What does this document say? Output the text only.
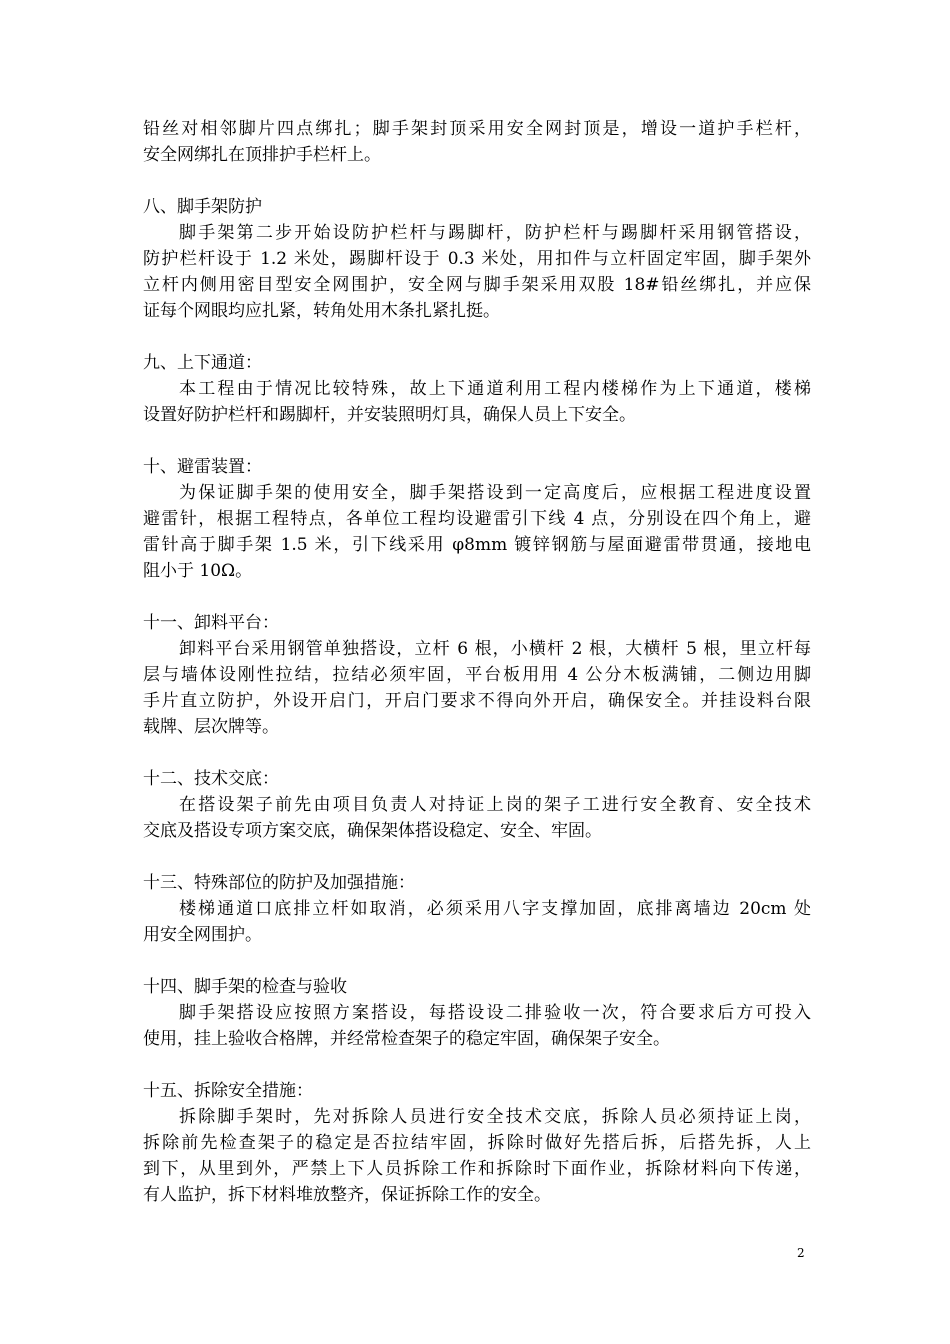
铅丝对相邻脚片四点绑扎；脚手架封顶采用安全网封顶是，增设一道护手栏杆，
安全网绑扎在顶排护手栏杆上。
八、脚手架防护
脚手架第二步开始设防护栏杆与踢脚杆，防护栏杆与踢脚杆采用钢管搭设，
防护栏杆设于 1.2 米处，踢脚杆设于 0.3 米处，用扣件与立杆固定牢固，脚手架外
立杆内侧用密目型安全网围护，安全网与脚手架采用双股 18#铅丝绑扎，并应保
证每个网眼均应扎紧，转角处用木条扎紧扎挺。
九、上下通道：
本工程由于情况比较特殊，故上下通道利用工程内楼梯作为上下通道，楼梯
设置好防护栏杆和踢脚杆，并安装照明灯具，确保人员上下安全。
十、避雷装置：
为保证脚手架的使用安全，脚手架搭设到一定高度后，应根据工程进度设置
避雷针，根据工程特点，各单位工程均设避雷引下线 4 点，分别设在四个角上，避
雷针高于脚手架 1.5 米，引下线采用 φ8mm 镀锌钢筋与屋面避雷带贯通，接地电
阻小于 10Ω。
十一、卸料平台：
卸料平台采用钢管单独搭设，立杆 6 根，小横杆 2 根，大横杆 5 根，里立杆每
层与墙体设刚性拉结，拉结必须牢固，平台板用用 4 公分木板满铺，二侧边用脚
手片直立防护，外设开启门，开启门要求不得向外开启，确保安全。并挂设料台限
载牌、层次牌等。
十二、技术交底：
在搭设架子前先由项目负责人对持证上岗的架子工进行安全教育、安全技术
交底及搭设专项方案交底，确保架体搭设稳定、安全、牢固。
十三、特殊部位的防护及加强措施：
楼梯通道口底排立杆如取消，必须采用八字支撑加固，底排离墙边 20cm 处
用安全网围护。
十四、脚手架的检查与验收
脚手架搭设应按照方案搭设，每搭设设二排验收一次，符合要求后方可投入
使用，挂上验收合格牌，并经常检查架子的稳定牢固，确保架子安全。
十五、拆除安全措施：
拆除脚手架时，先对拆除人员进行安全技术交底，拆除人员必须持证上岗，
拆除前先检查架子的稳定是否拉结牢固，拆除时做好先搭后拆，后搭先拆，人上
到下，从里到外，严禁上下人员拆除工作和拆除时下面作业，拆除材料向下传递，
有人监护，拆下材料堆放整齐，保证拆除工作的安全。
2
